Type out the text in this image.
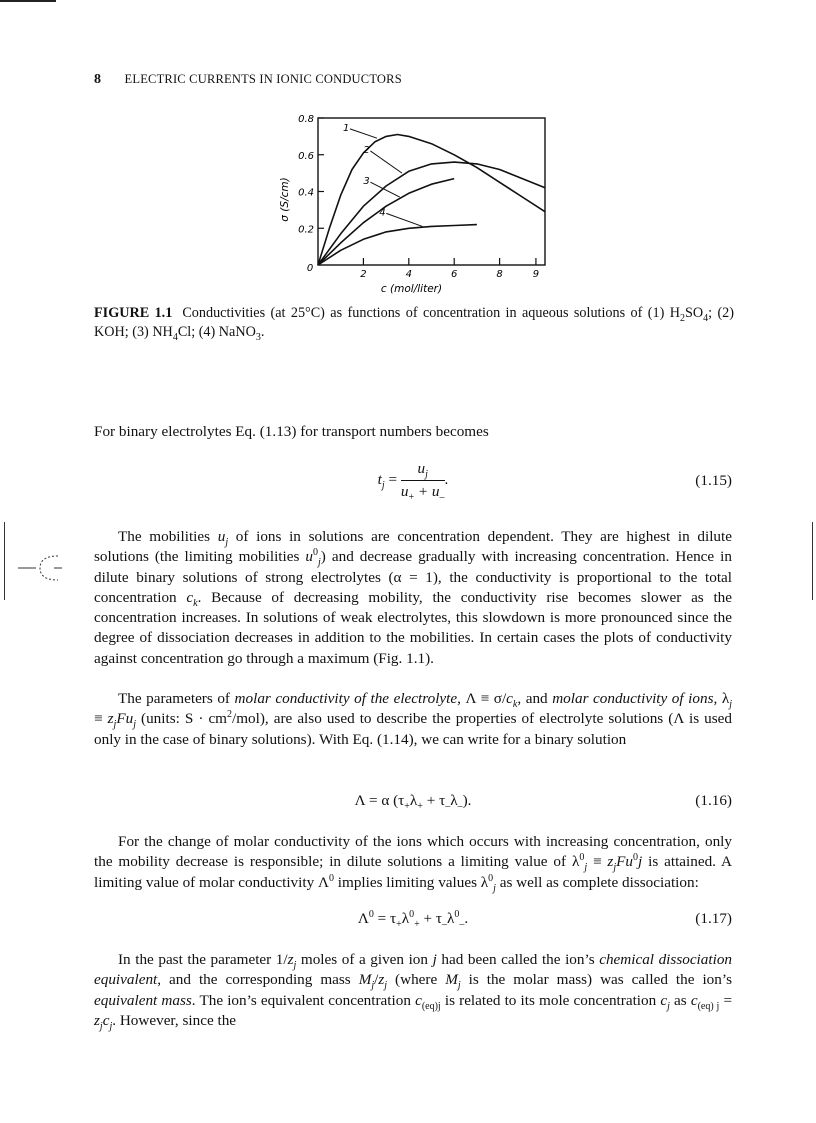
8 ELECTRIC CURRENTS IN IONIC CONDUCTORS
0.8
0.6
0.4
0.2
2	4	6	8	9
0
c (mol/liter)
σ (S/cm)
1
2
3
4
FIGURE 1.1 Conductivities (at 25°C) as functions of concentration in aqueous solutions of (1) $H_2SO_4$; (2) KOH; (3) $NH_4Cl$; (4) NaNO$_3$.
For binary electrolytes Eq. (1.13) for transport numbers becomes
$t_j = \frac{u_j}{u_+ + u_-}$ .	(1.15)
The mobilities $u_j$ of ions in solutions are concentration dependent. They are highest in dilute solutions (the limiting mobilities $u^0_j$) and decrease gradually with increasing concentration. Hence in dilute binary solutions of strong electrolytes (α = 1), the conductivity is proportional to the total concentration $c_k$. Because of decreasing mobility, the conductivity rise becomes slower as the concentration increases. In solutions of weak electrolytes, this slowdown is more pronounced since the degree of dissociation decreases in addition to the mobilities. In certain cases the plots of conductivity against concentration go through a maximum (Fig. 1.1).
The parameters of molar conductivity of the electrolyte, $\Lambda \equiv \sigma/c_k$, and molar conductivity of ions, $\lambda_j \equiv z_jFu_j$ (units: $S \cdot cm^2/mol$), are also used to describe the properties of electrolyte solutions (Λ is used only in the case of binary solutions). With Eq. (1.14), we can write for a binary solution
Λ = α $(\tau_+\lambda_+ + \tau_-\lambda_-)$.	(1.16)
For the change of molar conductivity of the ions which occurs with increasing concentration, only the mobility decrease is responsible; in dilute solutions a limiting value of $\lambda^0_j \equiv z_jFu^0j$ is attained. A limiting value of molar conductivity $\Lambda^0$ implies limiting values $\lambda^0_j$ as well as complete dissociation:
$\Lambda^0 = \tau_+\lambda^0_+ + \tau_-\lambda^0_-$.	(1.17)
In the past the parameter $1/z_j$ moles of a given ion j had been called the ion’s chemical dissociation equivalent, and the corresponding mass $M_j/z_j$ (where $M_j$ is the molar mass) was called the ion’s equivalent mass. The ion’s equivalent concentration $c_{(eq)j}$ is related to its mole concentration $c_j$ as $c_{(eq) j} = z_jc_j$. However, since the
